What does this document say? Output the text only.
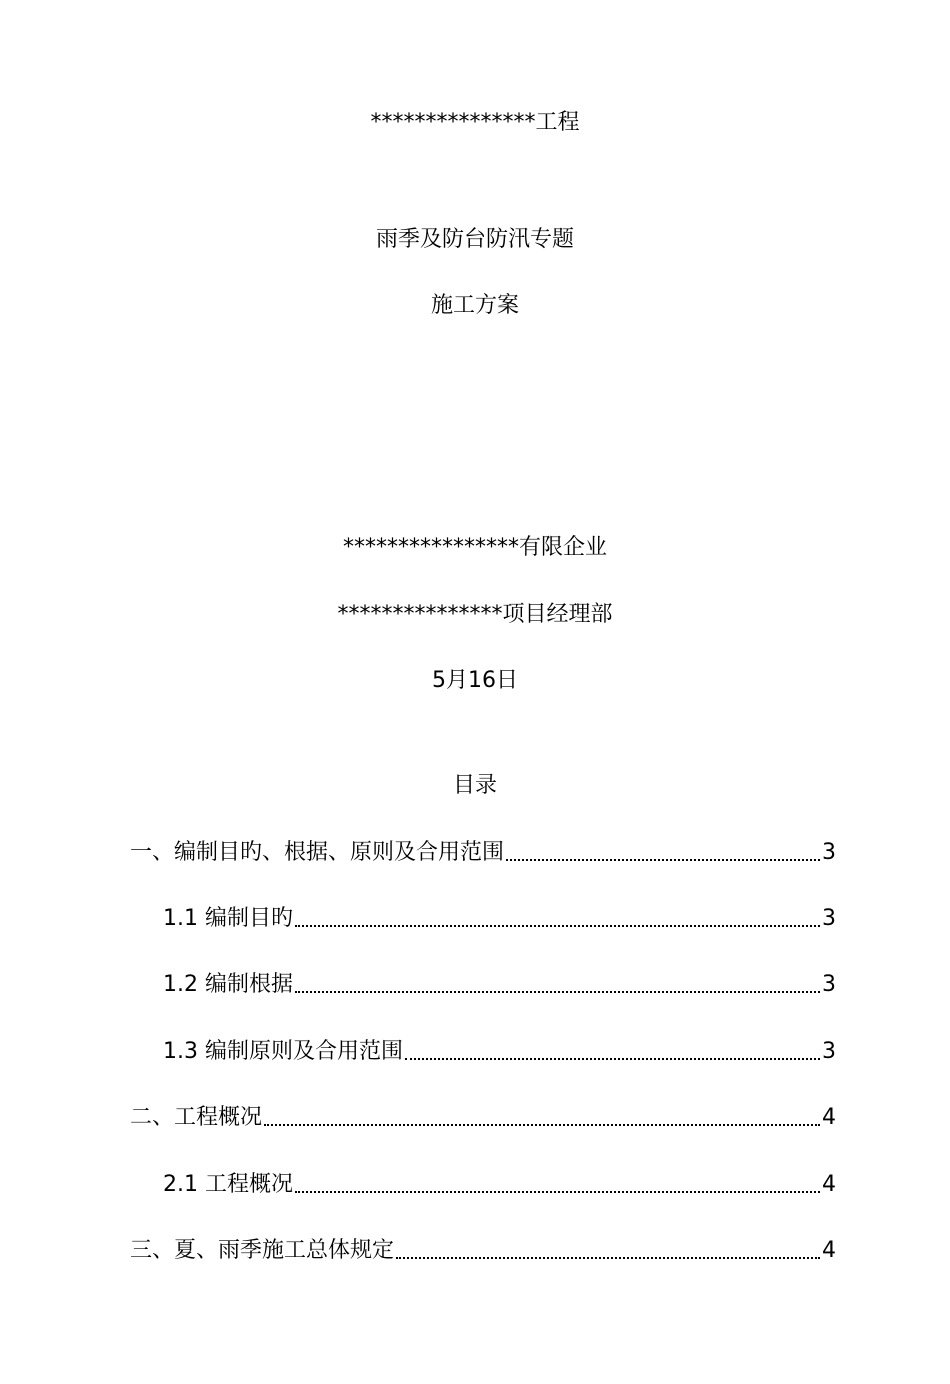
***************工程
雨季及防台防汛专题
施工方案
****************有限企业
***************项目经理部
5月16日
目录
一、编制目旳、根据、原则及合用范围	3
1.1 编制目旳	3
1.2 编制根据	3
1.3 编制原则及合用范围	3
二、工程概况	4
2.1 工程概况	4
三、夏、雨季施工总体规定	4
